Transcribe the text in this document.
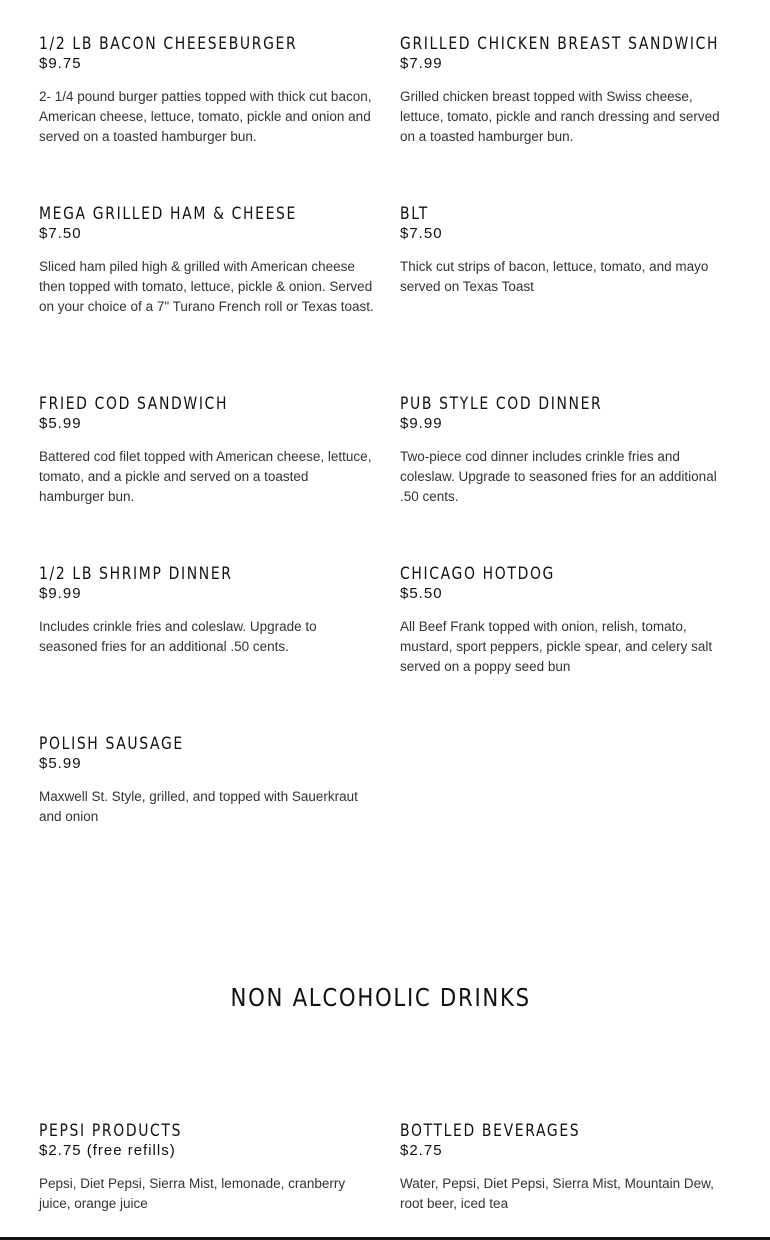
1/2 LB BACON CHEESEBURGER
$9.75
2- 1/4 pound burger patties topped with thick cut bacon, American cheese, lettuce, tomato, pickle and onion and served on a toasted hamburger bun.
GRILLED CHICKEN BREAST SANDWICH
$7.99
Grilled chicken breast topped with Swiss cheese, lettuce, tomato, pickle and ranch dressing and served on a toasted hamburger bun.
MEGA GRILLED HAM & CHEESE
$7.50
Sliced ham piled high & grilled with American cheese then topped with tomato, lettuce, pickle & onion. Served on your choice of a 7" Turano French roll or Texas toast.
BLT
$7.50
Thick cut strips of bacon, lettuce, tomato, and mayo served on Texas Toast
FRIED COD SANDWICH
$5.99
Battered cod filet topped with American cheese, lettuce, tomato, and a pickle and served on a toasted hamburger bun.
PUB STYLE COD DINNER
$9.99
Two-piece cod dinner includes crinkle fries and coleslaw. Upgrade to seasoned fries for an additional .50 cents.
1/2 LB SHRIMP DINNER
$9.99
Includes crinkle fries and coleslaw. Upgrade to seasoned fries for an additional .50 cents.
CHICAGO HOTDOG
$5.50
All Beef Frank topped with onion, relish, tomato, mustard, sport peppers, pickle spear, and celery salt served on a poppy seed bun
POLISH SAUSAGE
$5.99
Maxwell St. Style, grilled, and topped with Sauerkraut and onion
NON ALCOHOLIC DRINKS
PEPSI PRODUCTS
$2.75 (free refills)
Pepsi, Diet Pepsi, Sierra Mist, lemonade, cranberry juice, orange juice
BOTTLED BEVERAGES
$2.75
Water, Pepsi, Diet Pepsi, Sierra Mist, Mountain Dew, root beer, iced tea
